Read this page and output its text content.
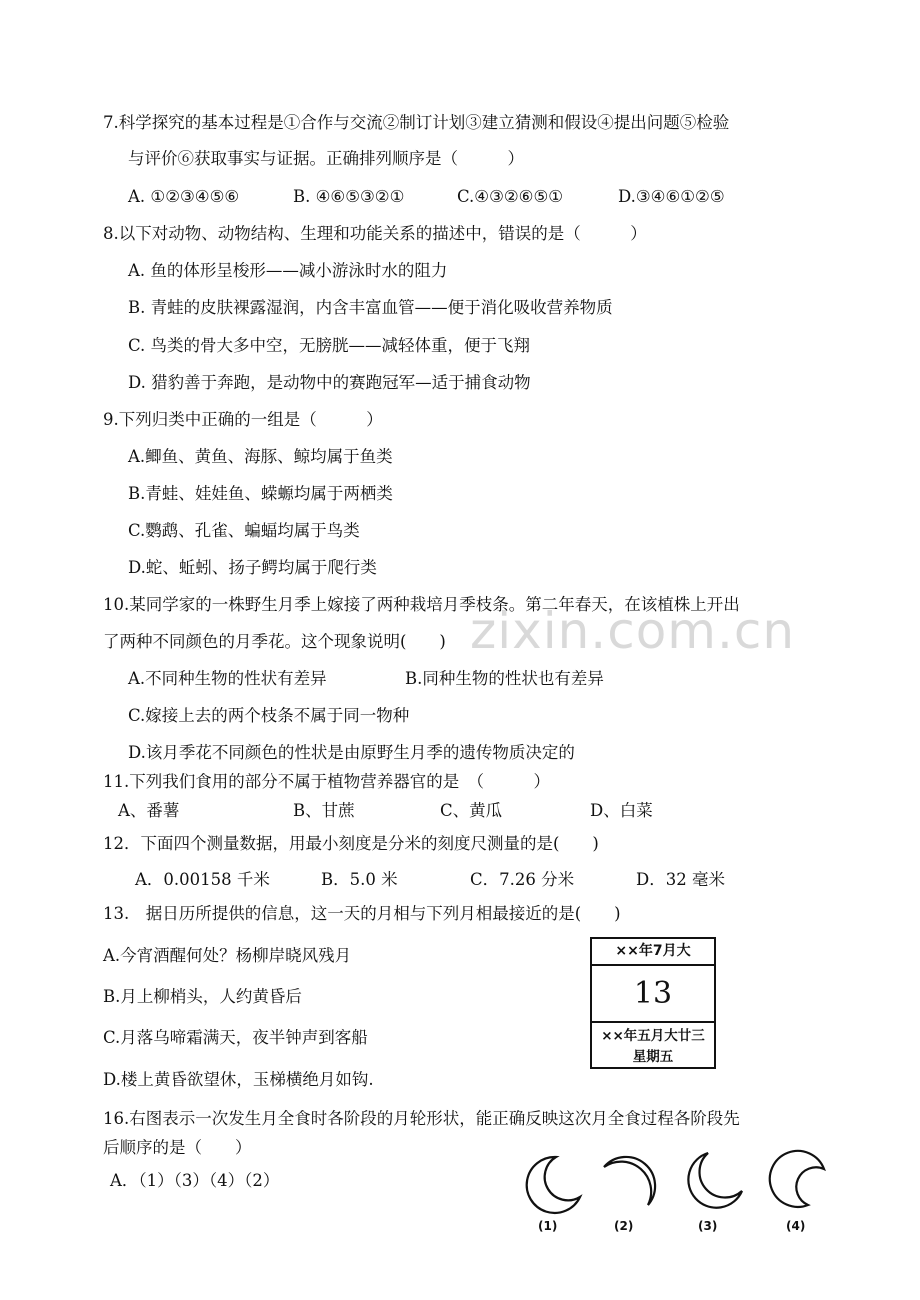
zixin.com.cn
7.科学探究的基本过程是①合作与交流②制订计划③建立猜测和假设④提出问题⑤检验
与评价⑥获取事实与证据。正确排列顺序是（　　　）
A. ①②③④⑤⑥	B. ④⑥⑤③②①	C.④③②⑥⑤①	D.③④⑥①②⑤
8.以下对动物、动物结构、生理和功能关系的描述中，错误的是（　　　）
A. 鱼的体形呈梭形——减小游泳时水的阻力
B. 青蛙的皮肤裸露湿润，内含丰富血管——便于消化吸收营养物质
C. 鸟类的骨大多中空，无膀胱——减轻体重，便于飞翔
D. 猎豹善于奔跑，是动物中的赛跑冠军—适于捕食动物
9.下列归类中正确的一组是（　　　）
A.鲫鱼、黄鱼、海豚、鲸均属于鱼类
B.青蛙、娃娃鱼、蝾螈均属于两栖类
C.鹦鹉、孔雀、蝙蝠均属于鸟类
D.蛇、蚯蚓、扬子鳄均属于爬行类
10.某同学家的一株野生月季上嫁接了两种栽培月季枝条。第二年春天，在该植株上开出
了两种不同颜色的月季花。这个现象说明(　　)
A.不同种生物的性状有差异	B.同种生物的性状也有差异
C.嫁接上去的两个枝条不属于同一物种
D.该月季花不同颜色的性状是由原野生月季的遗传物质决定的
11.下列我们食用的部分不属于植物营养器官的是　（　　　）
A、番薯	B、甘蔗	C、黄瓜	D、白菜
12．下面四个测量数据，用最小刻度是分米的刻度尺测量的是(　　)
A．0.00158 千米	B．5.0 米	C．7.26 分米	D．32 毫米
13.　据日历所提供的信息，这一天的月相与下列月相最接近的是(　　)
A.今宵酒醒何处？杨柳岸晓风残月
B.月上柳梢头，人约黄昏后
C.月落乌啼霜满天，夜半钟声到客船
D.楼上黄昏欲望休，玉梯横绝月如钩.
××年7月大
13
××年五月大廿三
星期五
16.右图表示一次发生月全食时各阶段的月轮形状，能正确反映这次月全食过程各阶段先
后顺序的是（　　）
A．（1）（3）（4）（2）
(1)	(2)	(3)	(4)
